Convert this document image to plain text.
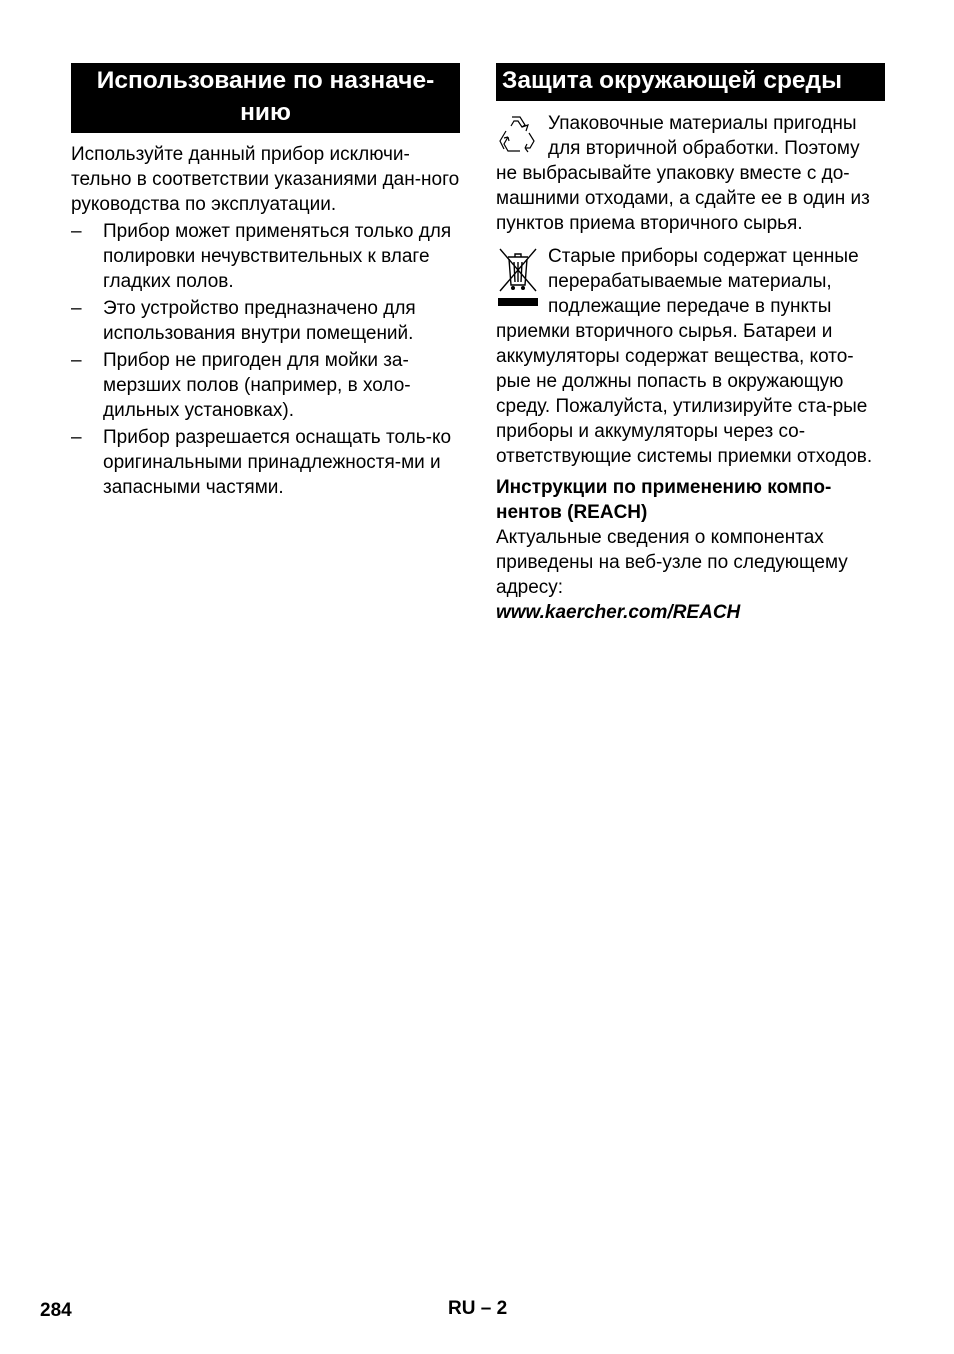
Использование по назначе-
нию

Используйте данный прибор исключи-тельно в соответствии указаниями дан-ного руководства по эксплуатации.

– Прибор может применяться только для полировки нечувствительных к влаге гладких полов.
– Это устройство предназначено для использования внутри помещений.
– Прибор не пригоден для мойки за-мерзших полов (например, в холо-дильных установках).
– Прибор разрешается оснащать толь-ко оригинальными принадлежностя-ми и запасными частями.
Защита окружающей среды
Упаковочные материалы пригодны для вторичной обработки. Поэтому не выбрасывайте упаковку вместе с до-машними отходами, а сдайте ее в один из пунктов приема вторичного сырья.
Старые приборы содержат ценные перерабатываемые материалы, подлежащие передаче в пункты приемки вторичного сырья. Батареи и аккумуляторы содержат вещества, кото-рые не должны попасть в окружающую среду. Пожалуйста, утилизируйте ста-рые приборы и аккумуляторы через со-ответствующие системы приемки отходов.

Инструкции по применению компо-нентов (REACH)

Актуальные сведения о компонентах приведены на веб-узле по следующему адресу:

www.kaercher.com/REACH

284	RU – 2
